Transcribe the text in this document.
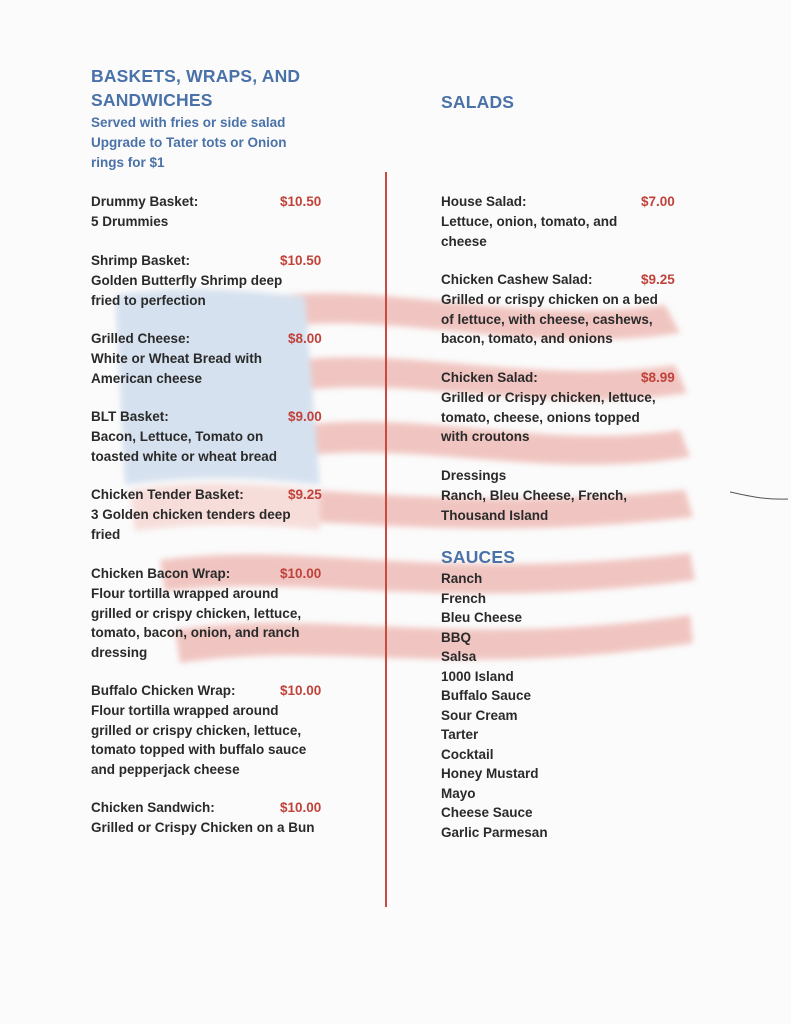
BASKETS, WRAPS, AND
SANDWICHES
Served with fries or side salad
Upgrade to Tater tots or Onion
rings for $1
Drummy Basket:	$10.50
5 Drummies
Shrimp Basket:	$10.50
Golden Butterfly Shrimp deep
fried to perfection
Grilled Cheese:	$8.00
White or Wheat Bread with
American cheese
BLT Basket:	$9.00
Bacon, Lettuce, Tomato on
toasted white or wheat bread
Chicken Tender Basket:	$9.25
3 Golden chicken tenders deep
fried
Chicken Bacon Wrap:	$10.00
Flour tortilla wrapped around
grilled or crispy chicken, lettuce,
tomato, bacon, onion, and ranch
dressing
Buffalo Chicken Wrap:	$10.00
Flour tortilla wrapped around
grilled or crispy chicken, lettuce,
tomato topped with buffalo sauce
and pepperjack cheese
Chicken Sandwich:	$10.00
Grilled or Crispy Chicken on a Bun
SALADS
House Salad:	$7.00
Lettuce, onion, tomato, and
cheese
Chicken Cashew Salad:	$9.25
Grilled or crispy chicken on a bed
of lettuce, with cheese, cashews,
bacon, tomato, and onions
Chicken Salad:	$8.99
Grilled or Crispy chicken, lettuce,
tomato, cheese, onions topped
with croutons
Dressings
Ranch, Bleu Cheese, French,
Thousand Island
SAUCES
Ranch
French
Bleu Cheese
BBQ
Salsa
1000 Island
Buffalo Sauce
Sour Cream
Tarter
Cocktail
Honey Mustard
Mayo
Cheese Sauce
Garlic Parmesan
